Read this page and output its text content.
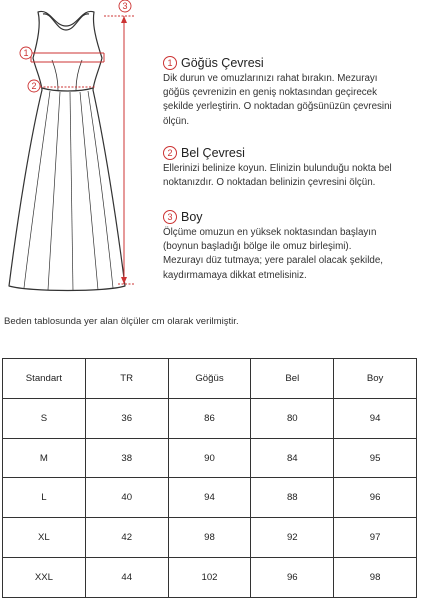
1
2
3
1 Göğüs Çevresi
Dik durun ve omuzlarınızı rahat bırakın. Mezurayı
göğüs çevrenizin en geniş noktasından geçirecek
şekilde yerleştirin. O noktadan göğsünüzün çevresini
ölçün.
2 Bel Çevresi
Ellerinizi belinize koyun. Elinizin bulunduğu nokta bel
noktanızdır. O noktadan belinizin çevresini ölçün.
3 Boy
Ölçüme omuzun en yüksek noktasından başlayın
(boynun başladığı bölge ile omuz birleşimi).
Mezurayı düz tutmaya; yere paralel olacak şekilde,
kaydırmamaya dikkat etmelisiniz.
Beden tablosunda yer alan ölçüler cm olarak verilmiştir.
Standart	TR	Göğüs	Bel	Boy
S	36	86	80	94
M	38	90	84	95
L	40	94	88	96
XL	42	98	92	97
XXL	44	102	96	98
